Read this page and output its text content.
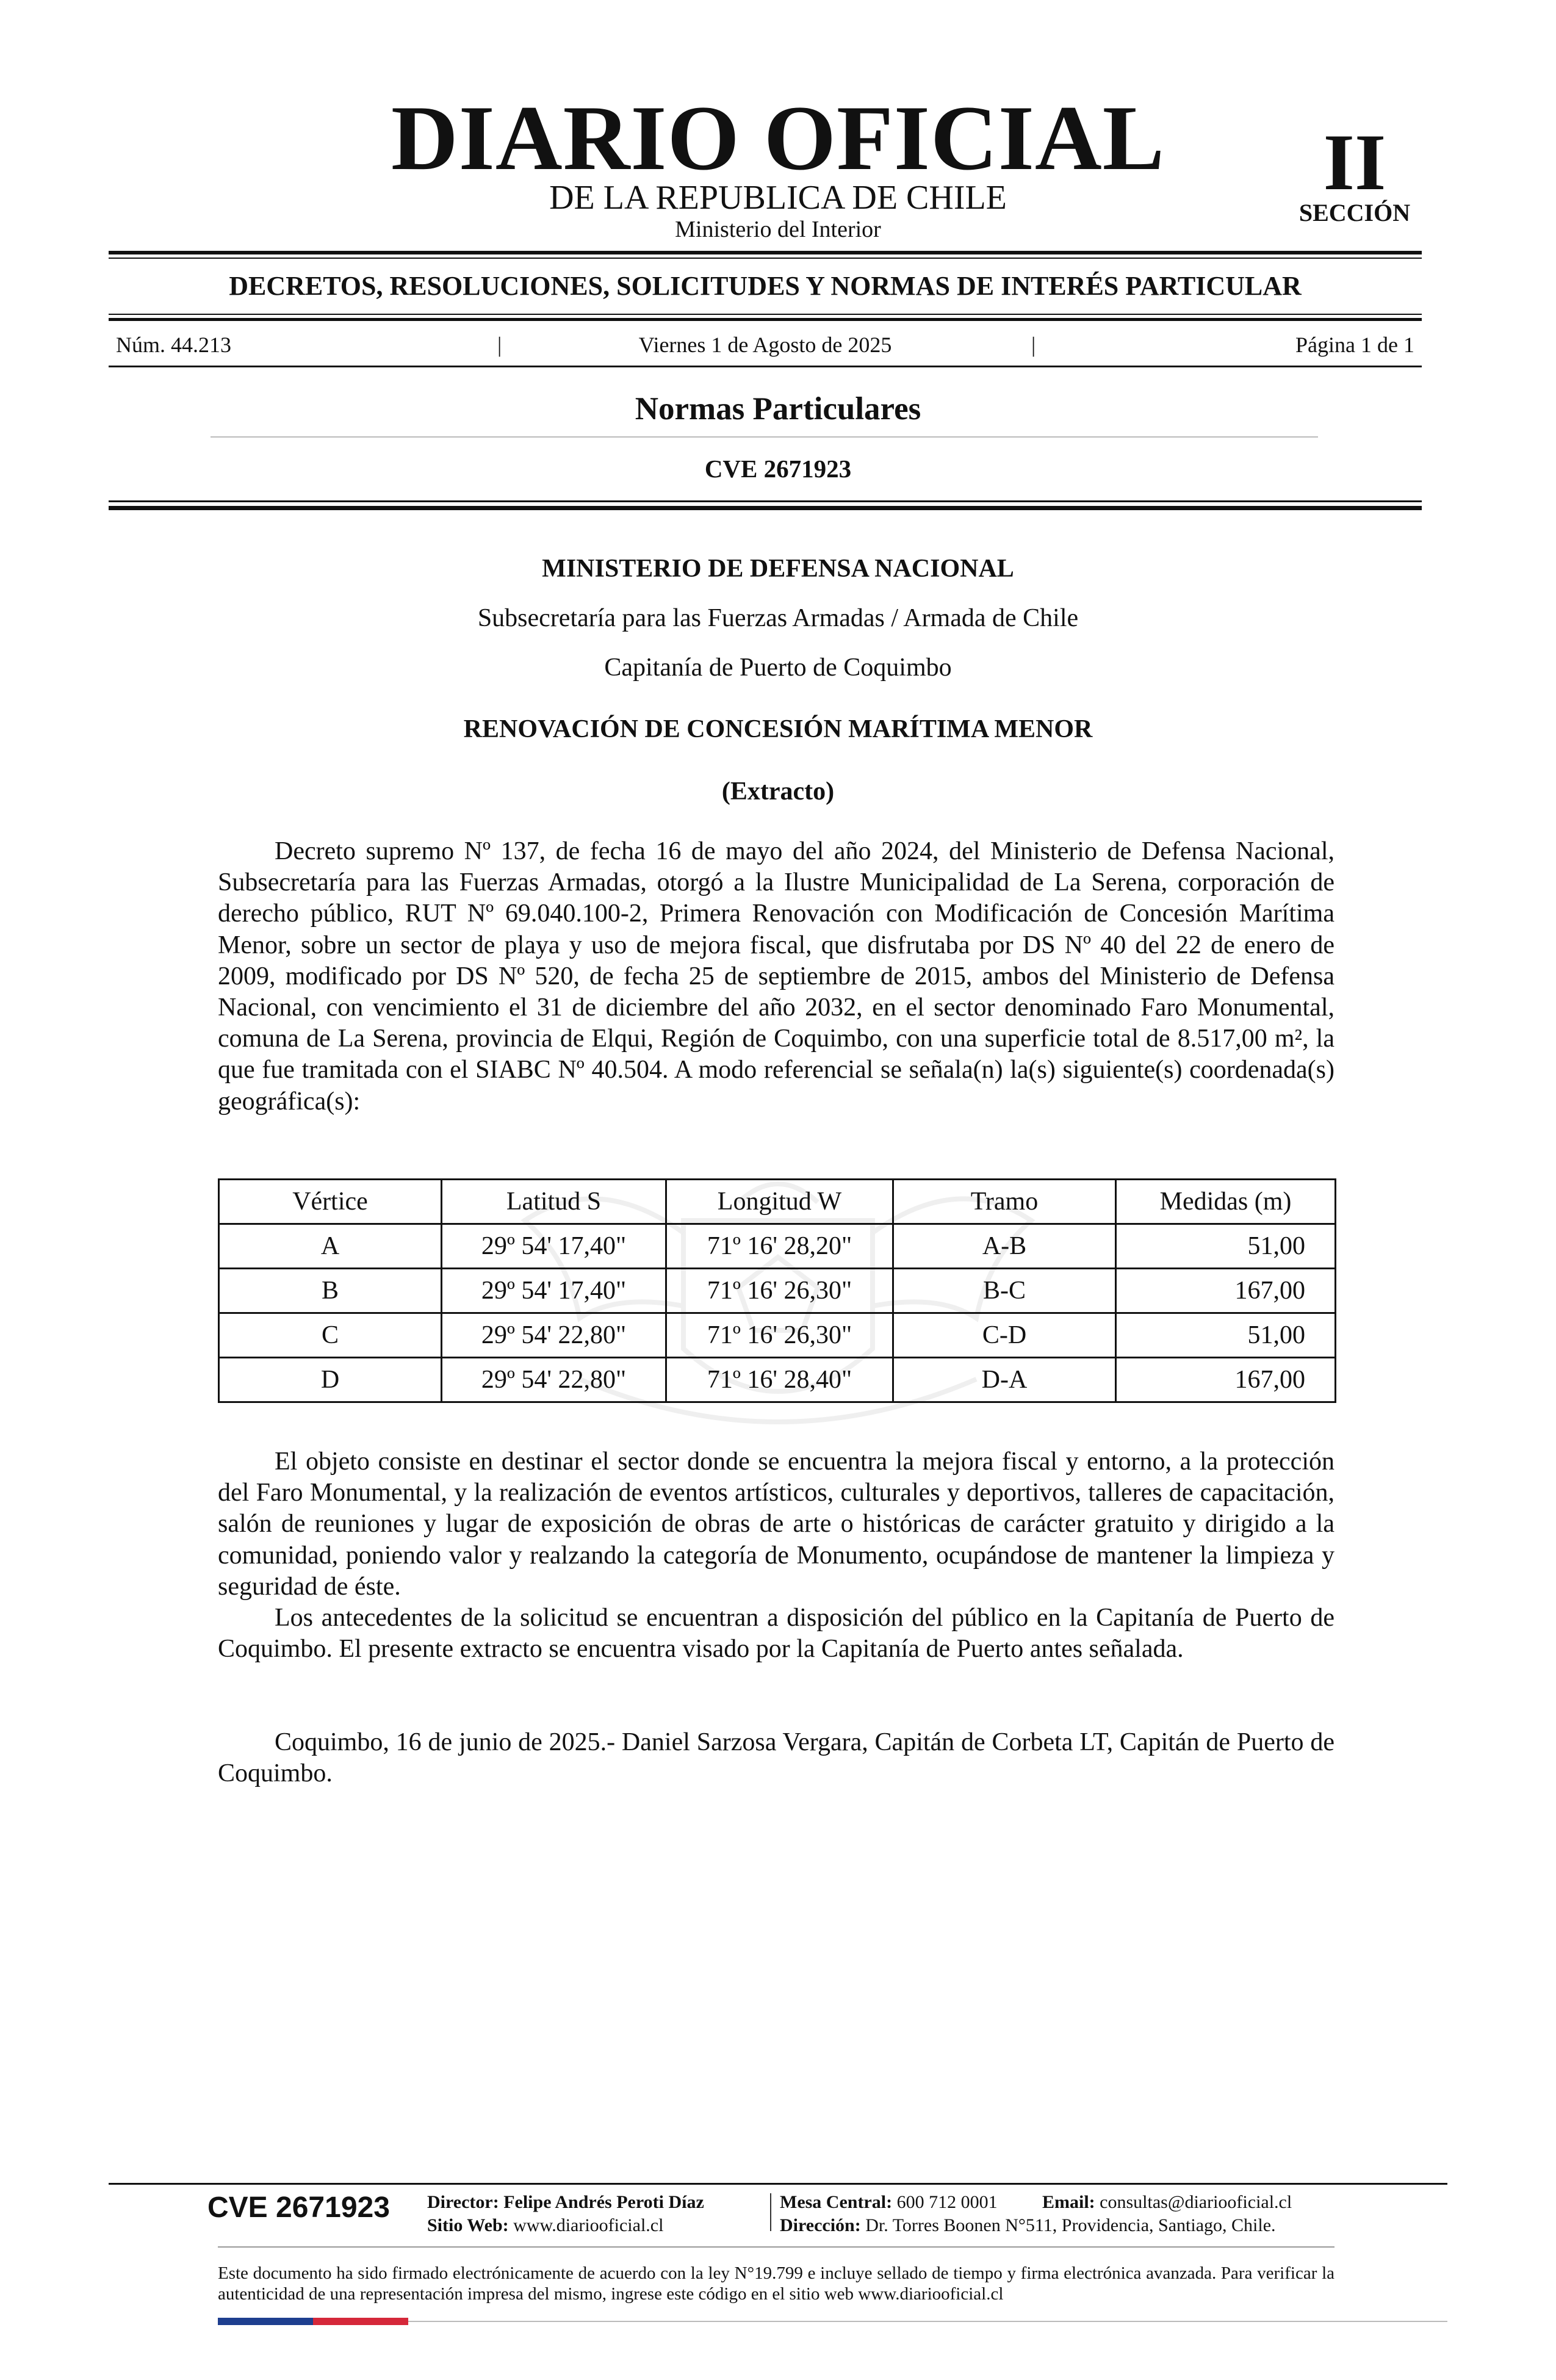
DIARIO OFICIAL
DE LA REPUBLICA DE CHILE
Ministerio del Interior
II
SECCIÓN
DECRETOS, RESOLUCIONES, SOLICITUDES Y NORMAS DE INTERÉS PARTICULAR
Núm. 44.213	|	Viernes 1 de Agosto de 2025	|	Página 1 de 1
Normas Particulares
CVE 2671923
MINISTERIO DE DEFENSA NACIONAL
Subsecretaría para las Fuerzas Armadas / Armada de Chile
Capitanía de Puerto de Coquimbo
RENOVACIÓN DE CONCESIÓN MARÍTIMA MENOR
(Extracto)

Decreto supremo Nº 137, de fecha 16 de mayo del año 2024, del Ministerio de Defensa Nacional, Subsecretaría para las Fuerzas Armadas, otorgó a la Ilustre Municipalidad de La Serena, corporación de derecho público, RUT Nº 69.040.100-2, Primera Renovación con Modificación de Concesión Marítima Menor, sobre un sector de playa y uso de mejora fiscal, que disfrutaba por DS Nº 40 del 22 de enero de 2009, modificado por DS Nº 520, de fecha 25 de septiembre de 2015, ambos del Ministerio de Defensa Nacional, con vencimiento el 31 de diciembre del año 2032, en el sector denominado Faro Monumental, comuna de La Serena, provincia de Elqui, Región de Coquimbo, con una superficie total de 8.517,00 m², la que fue tramitada con el SIABC Nº 40.504. A modo referencial se señala(n) la(s) siguiente(s) coordenada(s) geográfica(s):

Vértice	Latitud S	Longitud W	Tramo	Medidas (m)
A	29º 54' 17,40"	71º 16' 28,20"	A-B	51,00
B	29º 54' 17,40"	71º 16' 26,30"	B-C	167,00
C	29º 54' 22,80"	71º 16' 26,30"	C-D	51,00
D	29º 54' 22,80"	71º 16' 28,40"	D-A	167,00

El objeto consiste en destinar el sector donde se encuentra la mejora fiscal y entorno, a la protección del Faro Monumental, y la realización de eventos artísticos, culturales y deportivos, talleres de capacitación, salón de reuniones y lugar de exposición de obras de arte o históricas de carácter gratuito y dirigido a la comunidad, poniendo valor y realzando la categoría de Monumento, ocupándose de mantener la limpieza y seguridad de éste.

Los antecedentes de la solicitud se encuentran a disposición del público en la Capitanía de Puerto de Coquimbo. El presente extracto se encuentra visado por la Capitanía de Puerto antes señalada.

Coquimbo, 16 de junio de 2025.- Daniel Sarzosa Vergara, Capitán de Corbeta LT, Capitán de Puerto de Coquimbo.

CVE 2671923 Director: Felipe Andrés Peroti Díaz
Sitio Web: www.diariooficial.cl
Mesa Central: 600 712 0001 Email: consultas@diariooficial.cl
Dirección: Dr. Torres Boonen N°511, Providencia, Santiago, Chile.

Este documento ha sido firmado electrónicamente de acuerdo con la ley N°19.799 e incluye sellado de tiempo y firma electrónica avanzada. Para verificar la autenticidad de una representación impresa del mismo, ingrese este código en el sitio web www.diariooficial.cl
